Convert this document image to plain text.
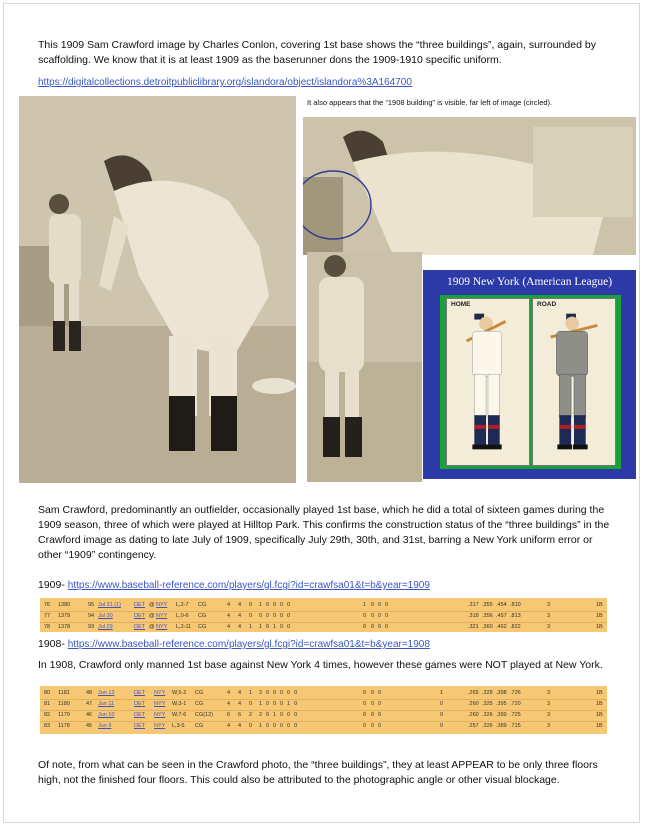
This 1909 Sam Crawford image by Charles Conlon, covering 1st base shows the “three buildings”, again, surrounded by scaffolding. We know that it is at least 1909 as the baserunner dons the 1909-1910 specific uniform.

https://digitalcollections.detroitpubliclibrary.org/islandora/object/islandora%3A164700
It also appears that the “1908 building” is visible, far left of image (circled).
1909 New York (American League)
HOME	ROAD

Sam Crawford, predominantly an outfielder, occasionally played 1st base, which he did a total of sixteen games during the 1909 season, three of which were played at Hilltop Park. This confirms the construction status of the “three buildings” in the Crawford image as dating to late July of 1909, specifically July 29th, 30th, and 31st, barring a New York uniform error or other “1909” contingency.

1909- https://www.baseball-reference.com/players/gl.fcgi?id=crawfsa01&t=b&year=1909
76 1380	95 Jul 31 (1) DET @ NYY L,2-7 CG	4 4 0 1 0 0 0 0	1 0 0 0	.317 .355 .454 .810	3	1B
77 1379	94 Jul 30	DET @ NYY L,0-6 CG	4 4 0 0 0 0 0 0	0 0 0 0	.318 .356 .457 .813	3	1B
78 1378	93 Jul 29	DET @ NYY L,2-11 CG	4 4 1 1 0 1 0 0	0 0 0 0	.321 .360 .462 .822	3	1B
1908- https://www.baseball-reference.com/players/gl.fcgi?id=crawfsa01&t=b&year=1908

In 1908, Crawford only manned 1st base against New York 4 times, however these games were NOT played at New York.

80 1181	48 Jun 12	DET NYY W,5-2 CG	4 4 1 2 0 0 0 0 0	0 0 0	1	.265 .328 .398 .726	3	1B
81 1180	47 Jun 11	DET NYY W,3-1 CG	4 4 0 1 0 0 0 1 0	0 0 0	0	.260 .325 .395 .720	3	1B
82 1179	46 Jun 10	DET NYY W,7-6 CG(12)	6 6 2 2 0 1 0 0 0	0 0 0	0	.260 .326 .399 .725	3	1B
83 1178	45 Jun 9	DET NYY L,3-5 CG	4 4 0 1 0 0 0 0 0	0 0 0	0	.257 .326 .389 .715	3	1B

Of note, from what can be seen in the Crawford photo, the “three buildings”, they at least APPEAR to be only three floors high, not the finished four floors. This could also be attributed to the photographic angle or other visual blockage.
